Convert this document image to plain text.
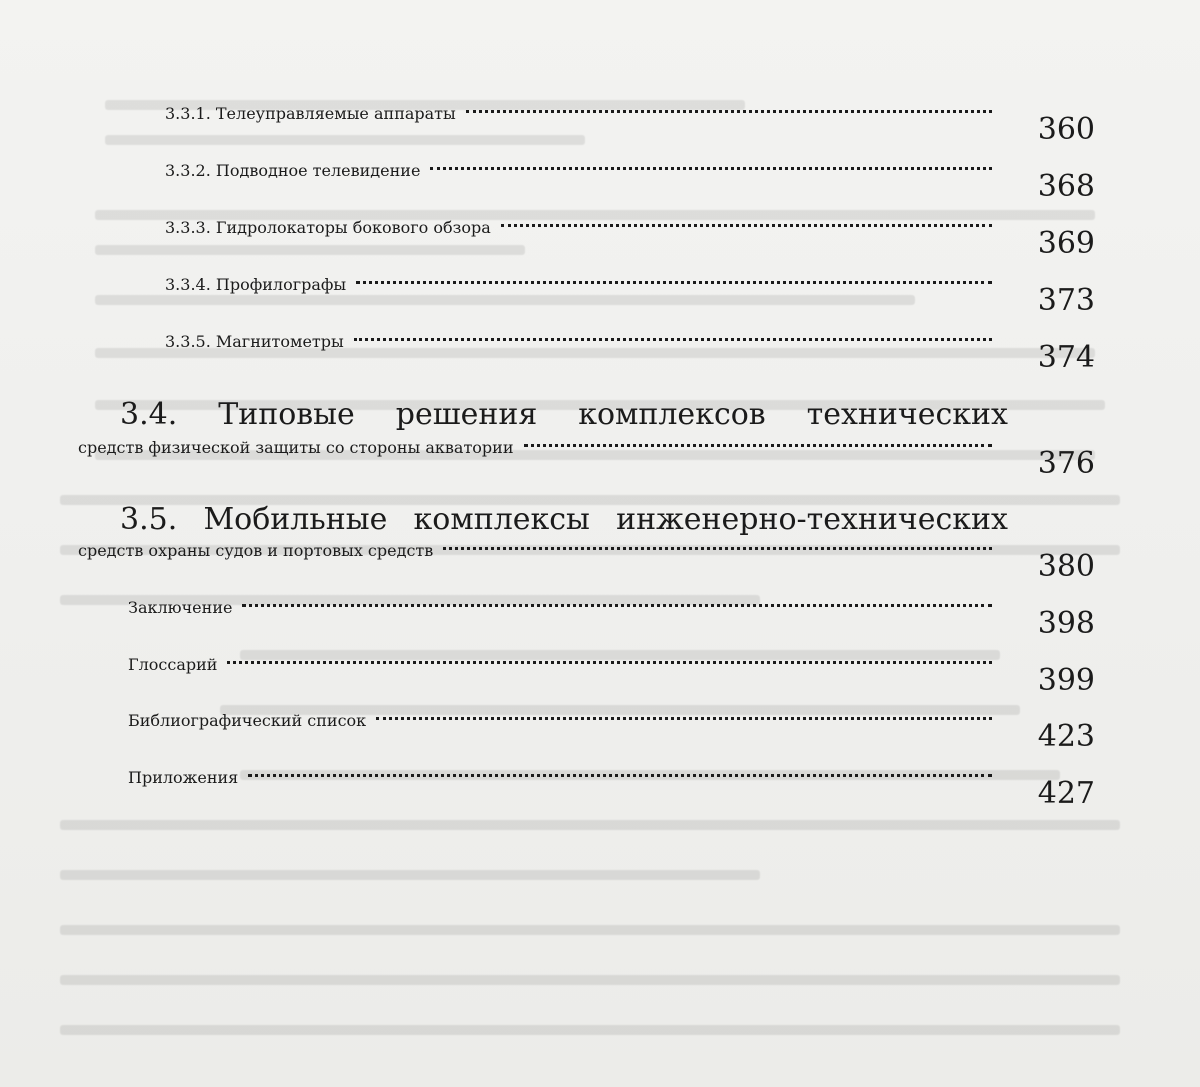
3.3.1. Телеуправляемые аппараты	360
3.3.2. Подводное телевидение	368
3.3.3. Гидролокаторы бокового обзора	369
3.3.4. Профилографы	373
3.3.5. Магнитометры	374
3.4. Типовые решения комплексов технических
средств физической защиты со стороны акватории	376
3.5. Мобильные комплексы инженерно-технических
средств охраны судов и портовых средств	380
Заключение	398
Глоссарий	399
Библиографический список	423
Приложения	427
